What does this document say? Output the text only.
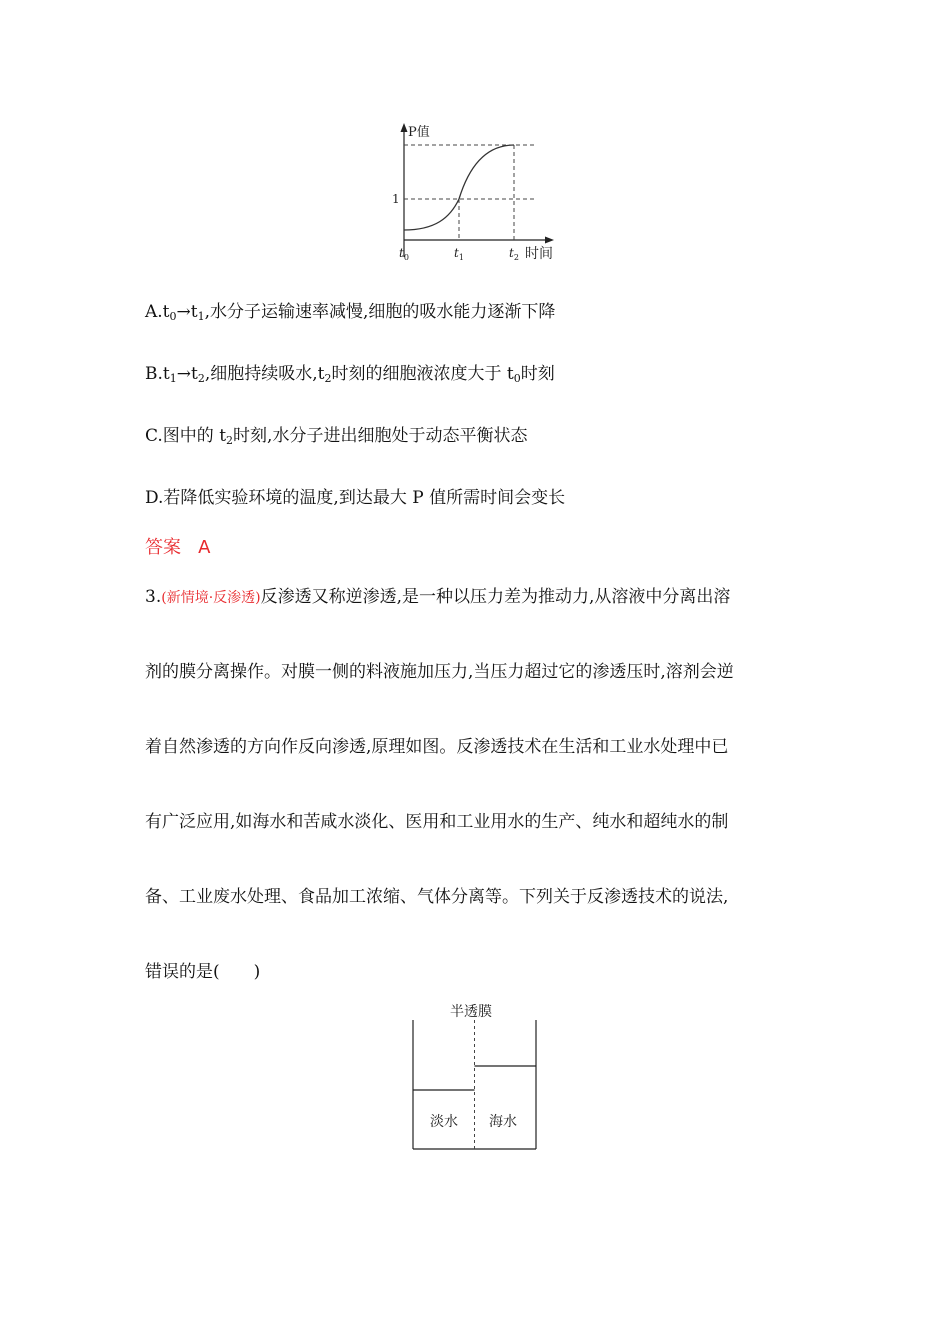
P值
1
$t_0$	$t_1$	$t_2$ 时间
$A.t_0\to t_1$,水分子运输速率减慢,细胞的吸水能力逐渐下降
$B.t_1\to t_2$,细胞持续吸水$,t_2$时刻的细胞液浓度大于 $t_0$时刻
C.图中的 $t_2$时刻,水分子进出细胞处于动态平衡状态
D.若降低实验环境的温度,到达最大 P 值所需时间会变长
答案 A
3.(新情境·反渗透)反渗透又称逆渗透,是一种以压力差为推动力,从溶液中分离出溶
剂的膜分离操作。对膜一侧的料液施加压力,当压力超过它的渗透压时,溶剂会逆
着自然渗透的方向作反向渗透,原理如图。反渗透技术在生活和工业水处理中已
有广泛应用,如海水和苦咸水淡化、医用和工业用水的生产、纯水和超纯水的制
备、工业废水处理、食品加工浓缩、气体分离等。下列关于反渗透技术的说法,
错误的是(　　)
半透膜
淡水 海水
